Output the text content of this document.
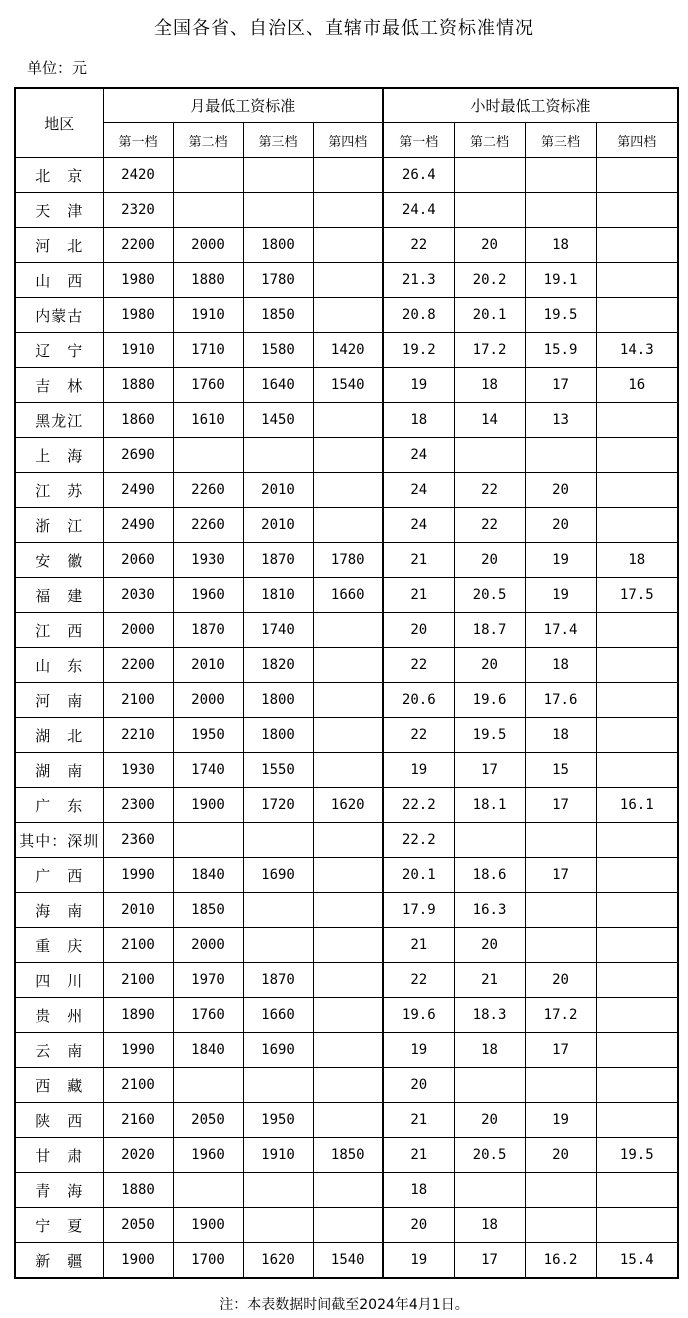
全国各省、自治区、直辖市最低工资标准情况
单位：元
地区	月最低工资标准				小时最低工资标准			
	第一档	第二档	第三档	第四档	第一档	第二档	第三档	第四档
北　京	2420				26.4			
天　津	2320				24.4			
河　北	2200	2000	1800		22	20	18	
山　西	1980	1880	1780		21.3	20.2	19.1	
内蒙古	1980	1910	1850		20.8	20.1	19.5	
辽　宁	1910	1710	1580	1420	19.2	17.2	15.9	14.3
吉　林	1880	1760	1640	1540	19	18	17	16
黑龙江	1860	1610	1450		18	14	13	
上　海	2690				24			
江　苏	2490	2260	2010		24	22	20	
浙　江	2490	2260	2010		24	22	20	
安　徽	2060	1930	1870	1780	21	20	19	18
福　建	2030	1960	1810	1660	21	20.5	19	17.5
江　西	2000	1870	1740		20	18.7	17.4	
山　东	2200	2010	1820		22	20	18	
河　南	2100	2000	1800		20.6	19.6	17.6	
湖　北	2210	1950	1800		22	19.5	18	
湖　南	1930	1740	1550		19	17	15	
广　东	2300	1900	1720	1620	22.2	18.1	17	16.1
其中：深圳	2360				22.2			
广　西	1990	1840	1690		20.1	18.6	17	
海　南	2010	1850			17.9	16.3		
重　庆	2100	2000			21	20		
四　川	2100	1970	1870		22	21	20	
贵　州	1890	1760	1660		19.6	18.3	17.2	
云　南	1990	1840	1690		19	18	17	
西　藏	2100				20			
陕　西	2160	2050	1950		21	20	19	
甘　肃	2020	1960	1910	1850	21	20.5	20	19.5
青　海	1880				18			
宁　夏	2050	1900			20	18		
新　疆	1900	1700	1620	1540	19	17	16.2	15.4
注：本表数据时间截至2024年4月1日。
